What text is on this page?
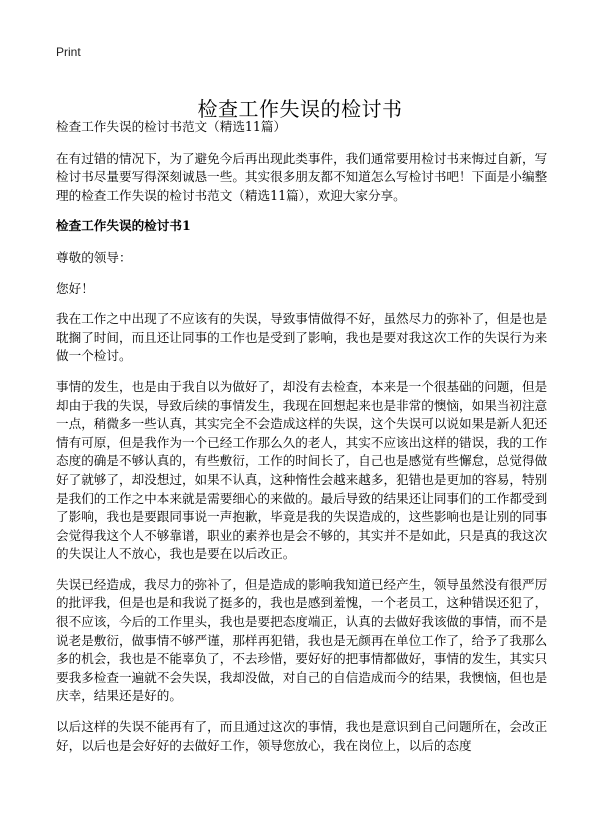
Print
检查工作失误的检讨书

检查工作失误的检讨书范文（精选11篇）

在有过错的情况下，为了避免今后再出现此类事件，我们通常要用检讨书来悔过自新，写检讨书尽量要写得深刻诚恳一些。其实很多朋友都不知道怎么写检讨书吧！下面是小编整理的检查工作失误的检讨书范文（精选11篇），欢迎大家分享。

检查工作失误的检讨书1

尊敬的领导：

您好！

我在工作之中出现了不应该有的失误，导致事情做得不好，虽然尽力的弥补了，但是也是耽搁了时间，而且还让同事的工作也是受到了影响，我也是要对我这次工作的失误行为来做一个检讨。

事情的发生，也是由于我自以为做好了，却没有去检查，本来是一个很基础的问题，但是却由于我的失误，导致后续的事情发生，我现在回想起来也是非常的懊恼，如果当初注意一点，稍微多一些认真，其实完全不会造成这样的失误，这个失误可以说如果是新人犯还情有可原，但是我作为一个已经工作那么久的老人，其实不应该出这样的错误，我的工作态度的确是不够认真的，有些敷衍，工作的时间长了，自己也是感觉有些懈怠，总觉得做好了就够了，却没想过，如果不认真，这种惰性会越来越多，犯错也是更加的容易，特别是我们的工作之中本来就是需要细心的来做的。最后导致的结果还让同事们的工作都受到了影响，我也是要跟同事说一声抱歉，毕竟是我的失误造成的，这些影响也是让别的同事会觉得我这个人不够靠谱，职业的素养也是会不够的，其实并不是如此，只是真的我这次的失误让人不放心，我也是要在以后改正。

失误已经造成，我尽力的弥补了，但是造成的影响我知道已经产生，领导虽然没有很严厉的批评我，但是也是和我说了挺多的，我也是感到羞愧，一个老员工，这种错误还犯了，很不应该，今后的工作里头，我也是要把态度端正，认真的去做好我该做的事情，而不是说老是敷衍，做事情不够严谨，那样再犯错，我也是无颜再在单位工作了，给予了我那么多的机会，我也是不能辜负了，不去珍惜，要好好的把事情都做好，事情的发生，其实只要我多检查一遍就不会失误，我却没做，对自己的自信造成而今的结果，我懊恼，但也是庆幸，结果还是好的。

以后这样的失误不能再有了，而且通过这次的事情，我也是意识到自己问题所在，会改正好，以后也是会好好的去做好工作，领导您放心，我在岗位上，以后的态度
